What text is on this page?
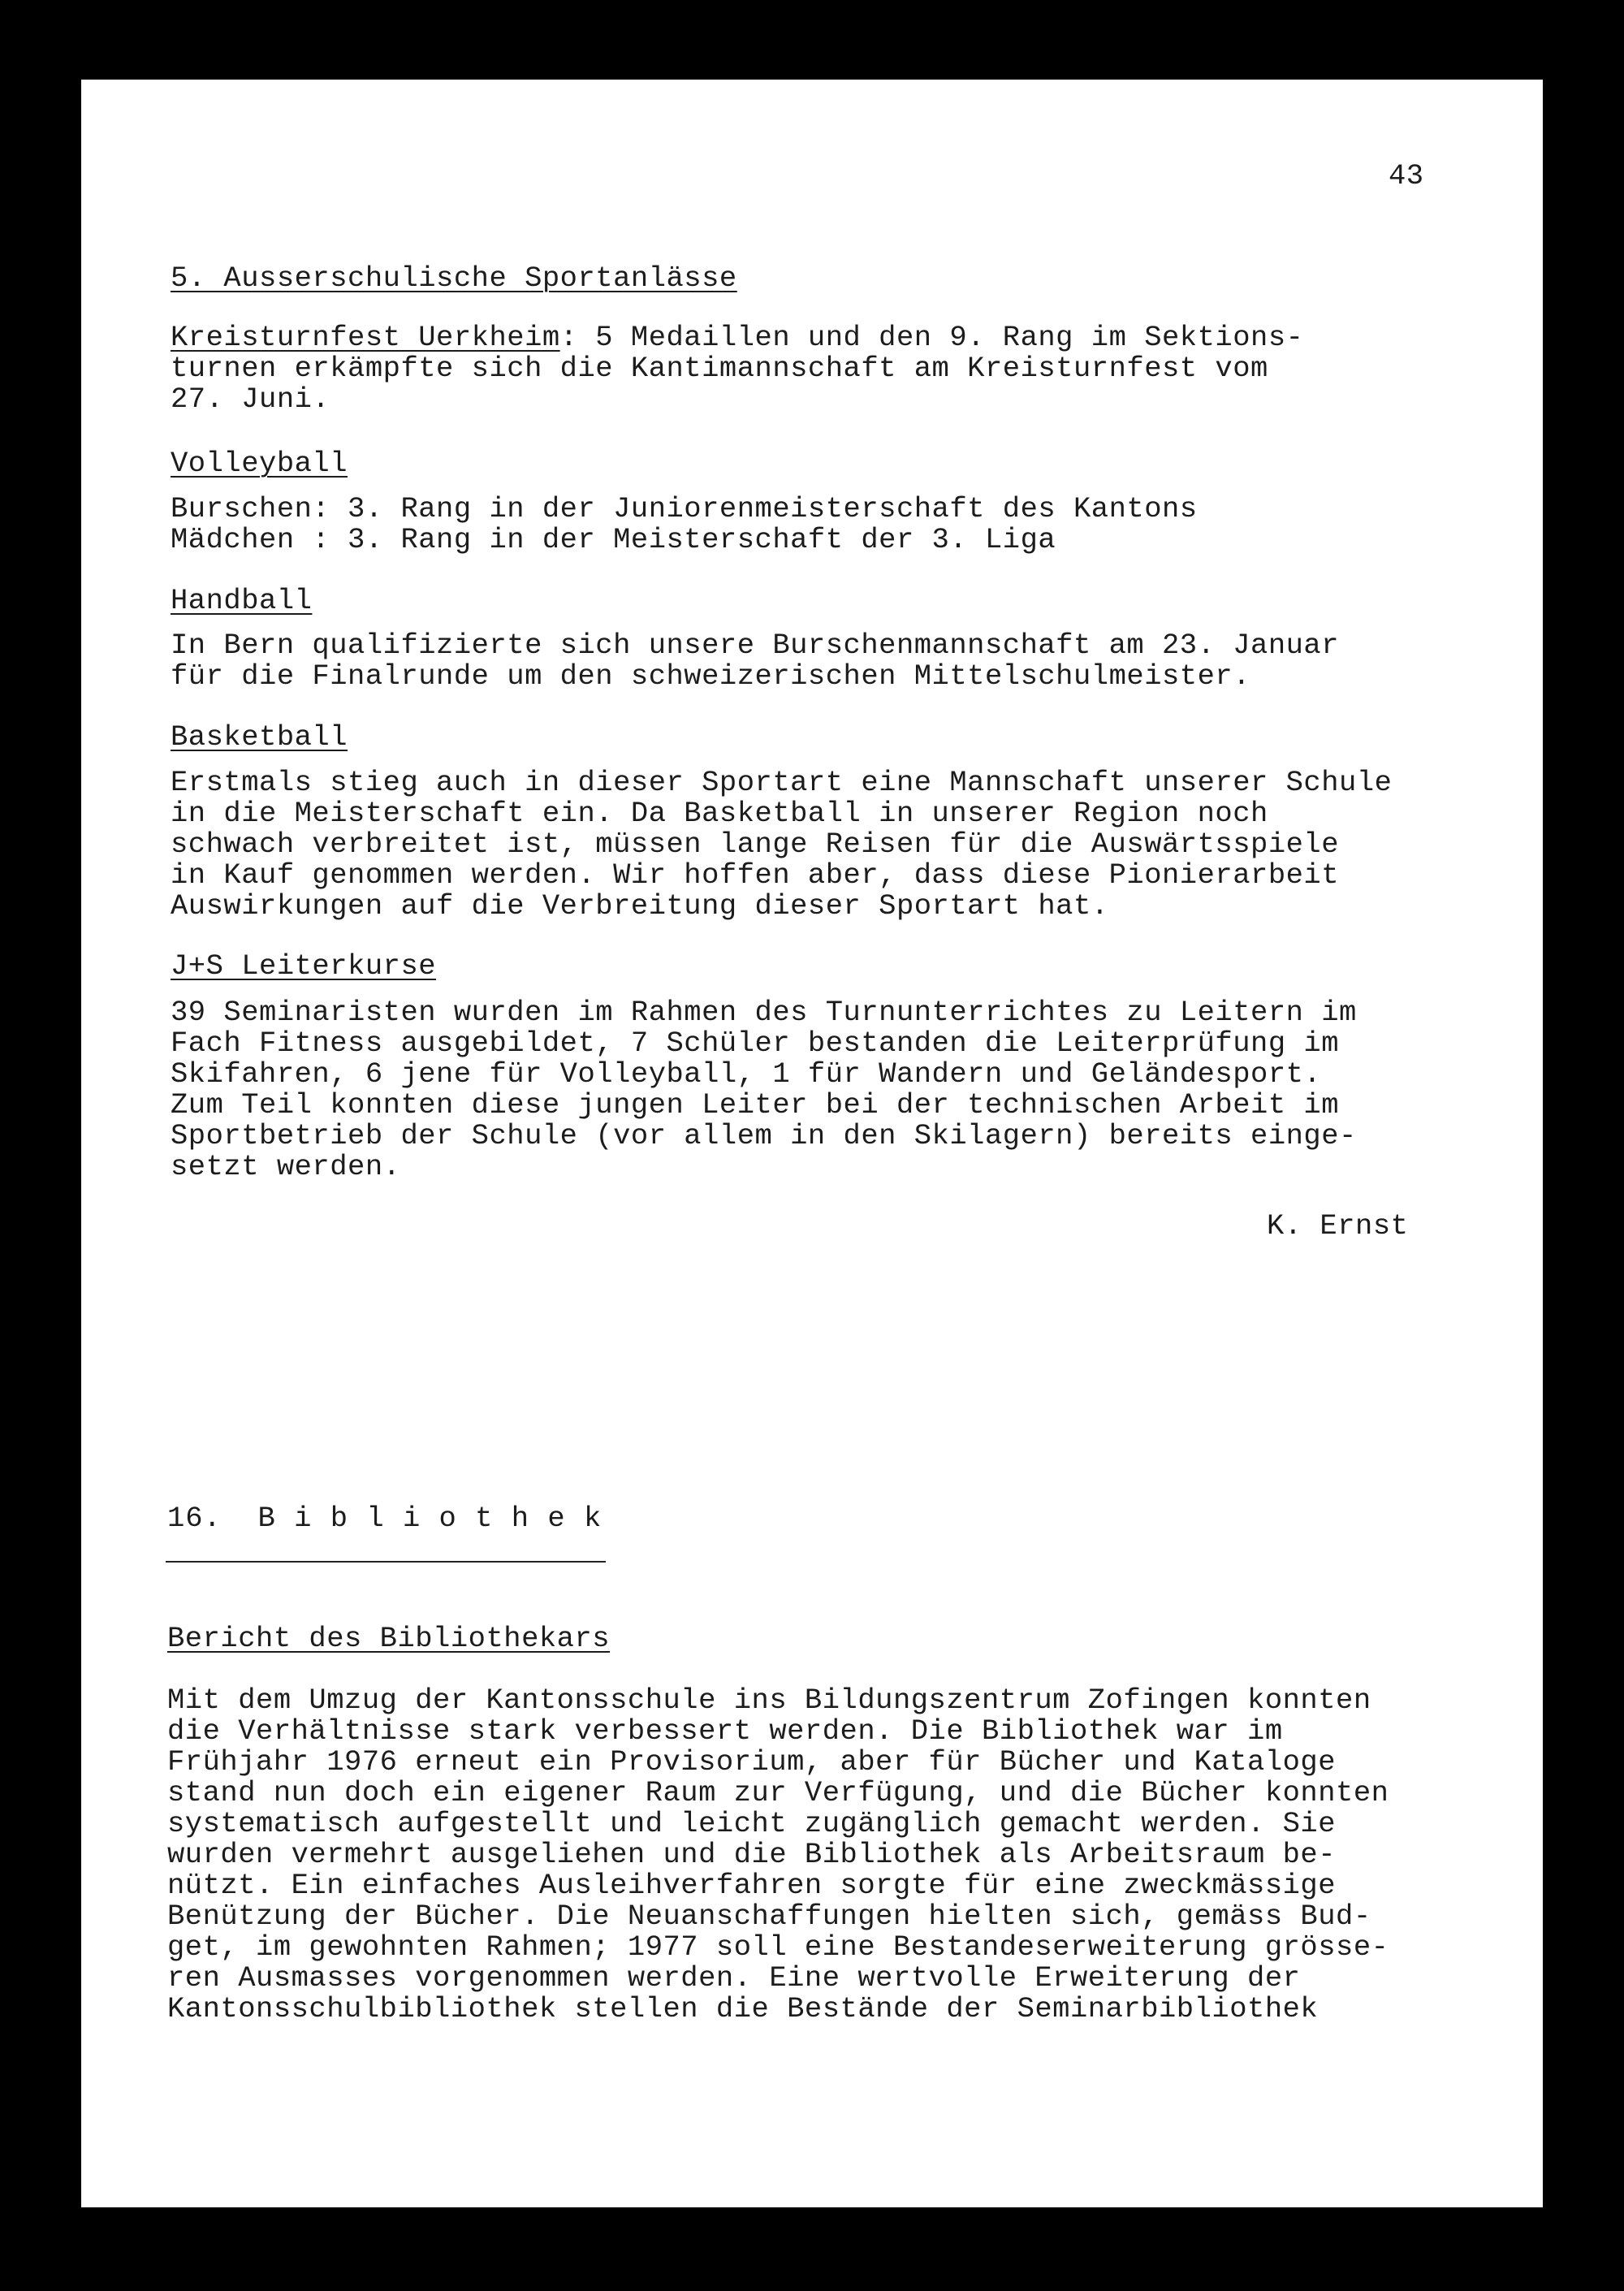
43
5. Ausserschulische Sportanlässe
Kreisturnfest Uerkheim: 5 Medaillen und den 9. Rang im Sektions-
turnen erkämpfte sich die Kantimannschaft am Kreisturnfest vom
27. Juni.
Volleyball
Burschen: 3. Rang in der Juniorenmeisterschaft des Kantons
Mädchen : 3. Rang in der Meisterschaft der 3. Liga
Handball
In Bern qualifizierte sich unsere Burschenmannschaft am 23. Januar
für die Finalrunde um den schweizerischen Mittelschulmeister.
Basketball
Erstmals stieg auch in dieser Sportart eine Mannschaft unserer Schule
in die Meisterschaft ein. Da Basketball in unserer Region noch
schwach verbreitet ist, müssen lange Reisen für die Auswärtsspiele
in Kauf genommen werden. Wir hoffen aber, dass diese Pionierarbeit
Auswirkungen auf die Verbreitung dieser Sportart hat.
J+S Leiterkurse
39 Seminaristen wurden im Rahmen des Turnunterrichtes zu Leitern im
Fach Fitness ausgebildet, 7 Schüler bestanden die Leiterprüfung im
Skifahren, 6 jene für Volleyball, 1 für Wandern und Geländesport.
Zum Teil konnten diese jungen Leiter bei der technischen Arbeit im
Sportbetrieb der Schule (vor allem in den Skilagern) bereits einge-
setzt werden.
K. Ernst
16.  B i b l i o t h e k
Bericht des Bibliothekars
Mit dem Umzug der Kantonsschule ins Bildungszentrum Zofingen konnten
die Verhältnisse stark verbessert werden. Die Bibliothek war im
Frühjahr 1976 erneut ein Provisorium, aber für Bücher und Kataloge
stand nun doch ein eigener Raum zur Verfügung, und die Bücher konnten
systematisch aufgestellt und leicht zugänglich gemacht werden. Sie
wurden vermehrt ausgeliehen und die Bibliothek als Arbeitsraum be-
nützt. Ein einfaches Ausleihverfahren sorgte für eine zweckmässige
Benützung der Bücher. Die Neuanschaffungen hielten sich, gemäss Bud-
get, im gewohnten Rahmen; 1977 soll eine Bestandeserweiterung grösse-
ren Ausmasses vorgenommen werden. Eine wertvolle Erweiterung der
Kantonsschulbibliothek stellen die Bestände der Seminarbibliothek
